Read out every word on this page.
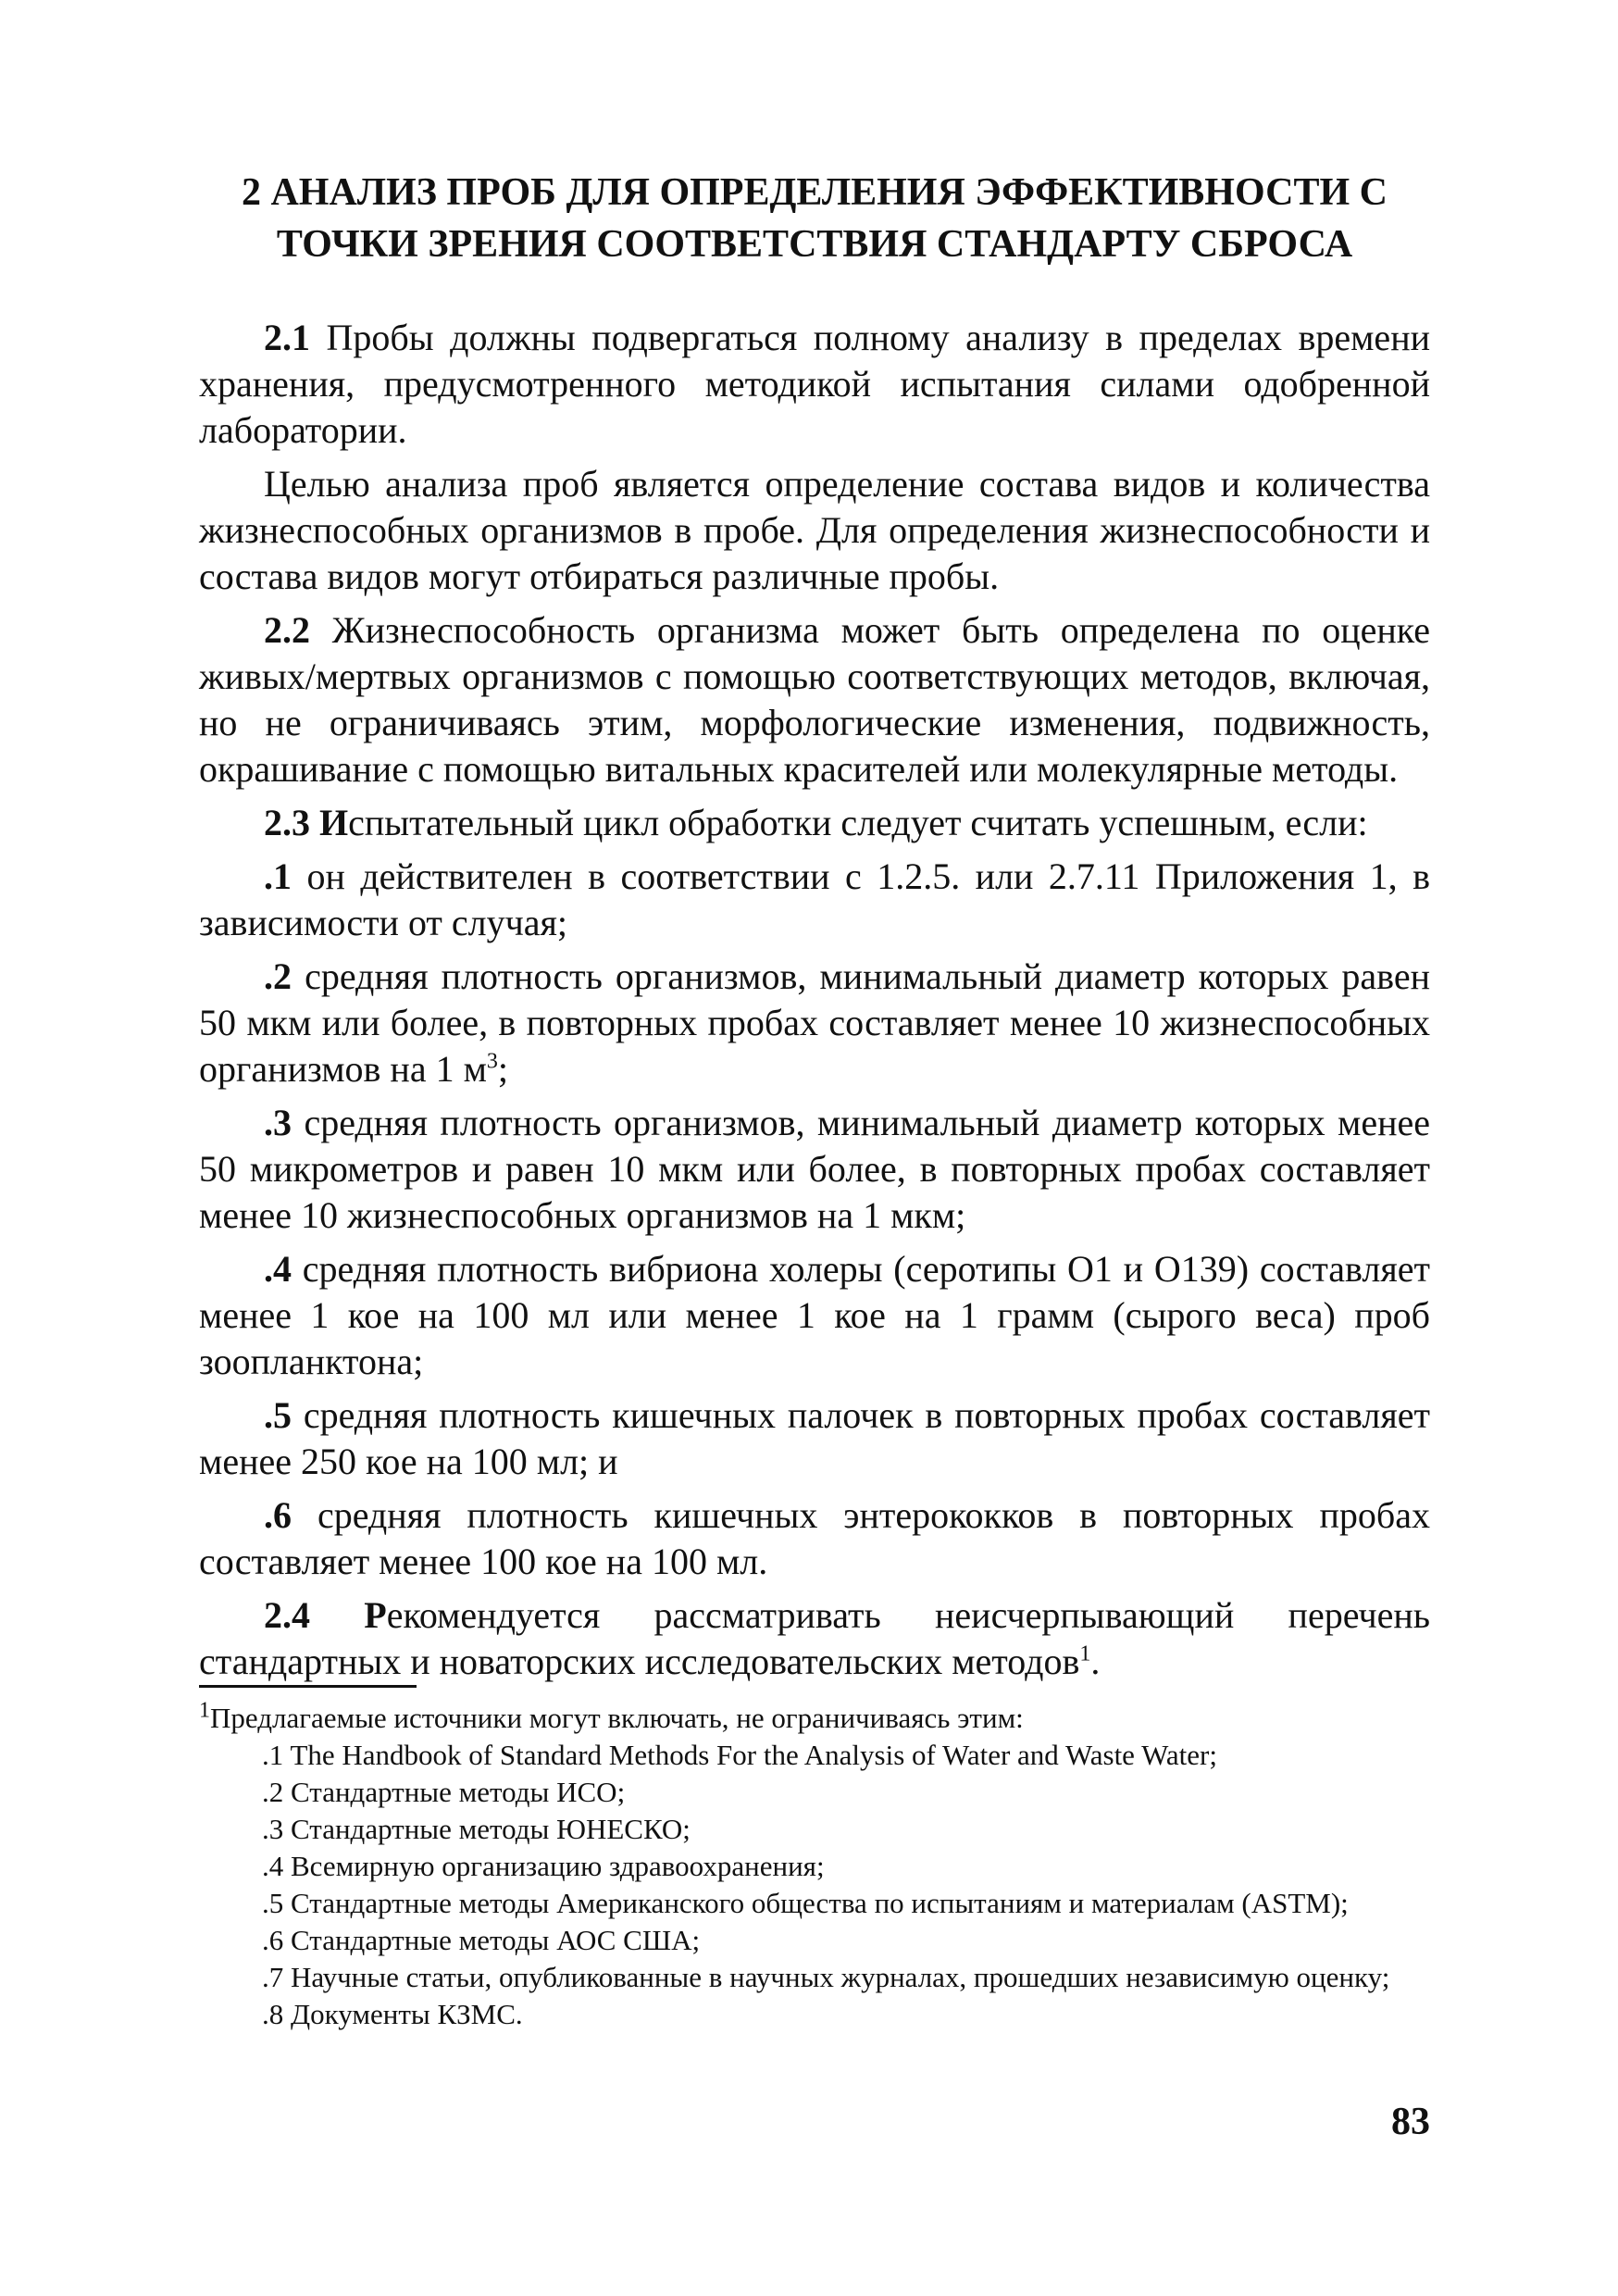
2 АНАЛИЗ ПРОБ ДЛЯ ОПРЕДЕЛЕНИЯ ЭФФЕКТИВНОСТИ С
ТОЧКИ ЗРЕНИЯ СООТВЕТСТВИЯ СТАНДАРТУ СБРОСА

2.1 Пробы должны подвергаться полному анализу в пределах времени хранения, предусмотренного методикой испытания силами одобренной лаборатории.

Целью анализа проб является определение состава видов и количества жизнеспособных организмов в пробе. Для определения жизнеспособности и состава видов могут отбираться различные пробы.

2.2 Жизнеспособность организма может быть определена по оценке живых/мертвых организмов с помощью соответствующих методов, включая, но не ограничиваясь этим, морфологические изменения, подвижность, окрашивание с помощью витальных красителей или молекулярные методы.

2.3 Испытательный цикл обработки следует считать успешным, если:

.1 он действителен в соответствии с 1.2.5. или 2.7.11 Приложения 1, в зависимости от случая;

.2 средняя плотность организмов, минимальный диаметр которых равен 50 мкм или более, в повторных пробах составляет менее 10 жизнеспособных организмов на 1 $м^3$;

.3 средняя плотность организмов, минимальный диаметр которых менее 50 микрометров и равен 10 мкм или более, в повторных пробах составляет менее 10 жизнеспособных организмов на 1 мкм;

.4 средняя плотность вибриона холеры (серотипы О1 и О139) составляет менее 1 кое на 100 мл или менее 1 кое на 1 грамм (сырого веса) проб зоопланктона;

.5 средняя плотность кишечных палочек в повторных пробах составляет менее 250 кое на 100 мл; и

.6 средняя плотность кишечных энтерококков в повторных пробах составляет менее 100 кое на 100 мл.

2.4 Рекомендуется рассматривать неисчерпывающий перечень стандартных и новаторских исследовательских методов$^1$.

$^1$Предлагаемые источники могут включать, не ограничиваясь этим:

.1 The Handbook of Standard Methods For the Analysis of Water and Waste Water;

.2 Стандартные методы ИСО;

.3 Стандартные методы ЮНЕСКО;

.4 Всемирную организацию здравоохранения;

.5 Стандартные методы Американского общества по испытаниям и материалам (ASTM);

.6 Стандартные методы АОС США;

.7 Научные статьи, опубликованные в научных журналах, прошедших независимую оценку;

.8 Документы КЗМС.

83
